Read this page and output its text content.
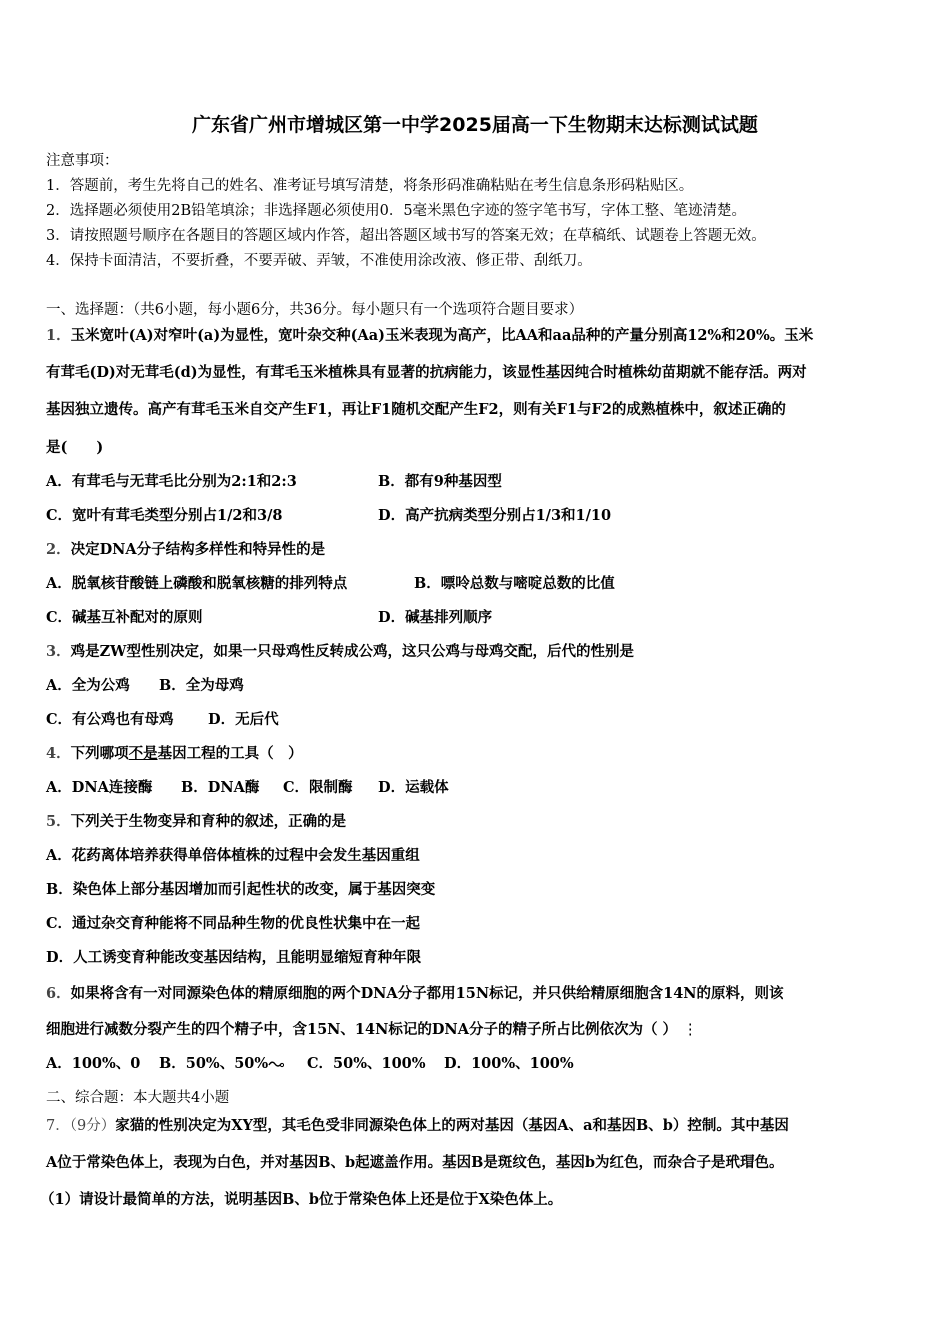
广东省广州市增城区第一中学2025届高一下生物期末达标测试试题
注意事项：
1．答题前，考生先将自己的姓名、准考证号填写清楚，将条形码准确粘贴在考生信息条形码粘贴区。
2．选择题必须使用2B铅笔填涂；非选择题必须使用0．5毫米黑色字迹的签字笔书写，字体工整、笔迹清楚。
3．请按照题号顺序在各题目的答题区域内作答，超出答题区域书写的答案无效；在草稿纸、试题卷上答题无效。
4．保持卡面清洁，不要折叠，不要弄破、弄皱，不准使用涂改液、修正带、刮纸刀。
一、选择题：（共6小题，每小题6分，共36分。每小题只有一个选项符合题目要求）
1．玉米宽叶(A)对窄叶(a)为显性，宽叶杂交种(Aa)玉米表现为高产，比AA和aa品种的产量分别高12%和20%。玉米
有茸毛(D)对无茸毛(d)为显性，有茸毛玉米植株具有显著的抗病能力，该显性基因纯合时植株幼苗期就不能存活。两对
基因独立遗传。高产有茸毛玉米自交产生F1，再让F1随机交配产生F2，则有关F1与F2的成熟植株中，叙述正确的
是(　　)
A．有茸毛与无茸毛比分别为2:1和2:3	B．都有9种基因型
C．宽叶有茸毛类型分别占1/2和3/8	D．高产抗病类型分别占1/3和1/10
2．决定DNA分子结构多样性和特异性的是
A．脱氧核苷酸链上磷酸和脱氧核糖的排列特点	B．嘌呤总数与嘧啶总数的比值
C．碱基互补配对的原则	D．碱基排列顺序
3．鸡是ZW型性别决定，如果一只母鸡性反转成公鸡，这只公鸡与母鸡交配，后代的性别是
A．全为公鸡 B．全为母鸡
C．有公鸡也有母鸡 D．无后代
4．下列哪项不是基因工程的工具（　）
A．DNA连接酶 B．DNA酶 C．限制酶 D．运载体
5．下列关于生物变异和育种的叙述，正确的是
A．花药离体培养获得单倍体植株的过程中会发生基因重组
B．染色体上部分基因增加而引起性状的改变，属于基因突变
C．通过杂交育种能将不同品种生物的优良性状集中在一起
D．人工诱变育种能改变基因结构，且能明显缩短育种年限
6．如果将含有一对同源染色体的精原细胞的两个DNA分子都用15N标记，并只供给精原细胞含14N的原料，则该
细胞进行减数分裂产生的四个精子中，含15N、14N标记的DNA分子的精子所占比例依次为（ ） ⋮
A．100%、0 B．50%、50%	C．50%、100% D．100%、100%
二、综合题：本大题共4小题
7．（9分）家猫的性别决定为XY型，其毛色受非同源染色体上的两对基因（基因A、a和基因B、b）控制。其中基因
A位于常染色体上，表现为白色，并对基因B、b起遮盖作用。基因B是斑纹色，基因b为红色，而杂合子是玳瑁色。
（1）请设计最简单的方法，说明基因B、b位于常染色体上还是位于X染色体上。
